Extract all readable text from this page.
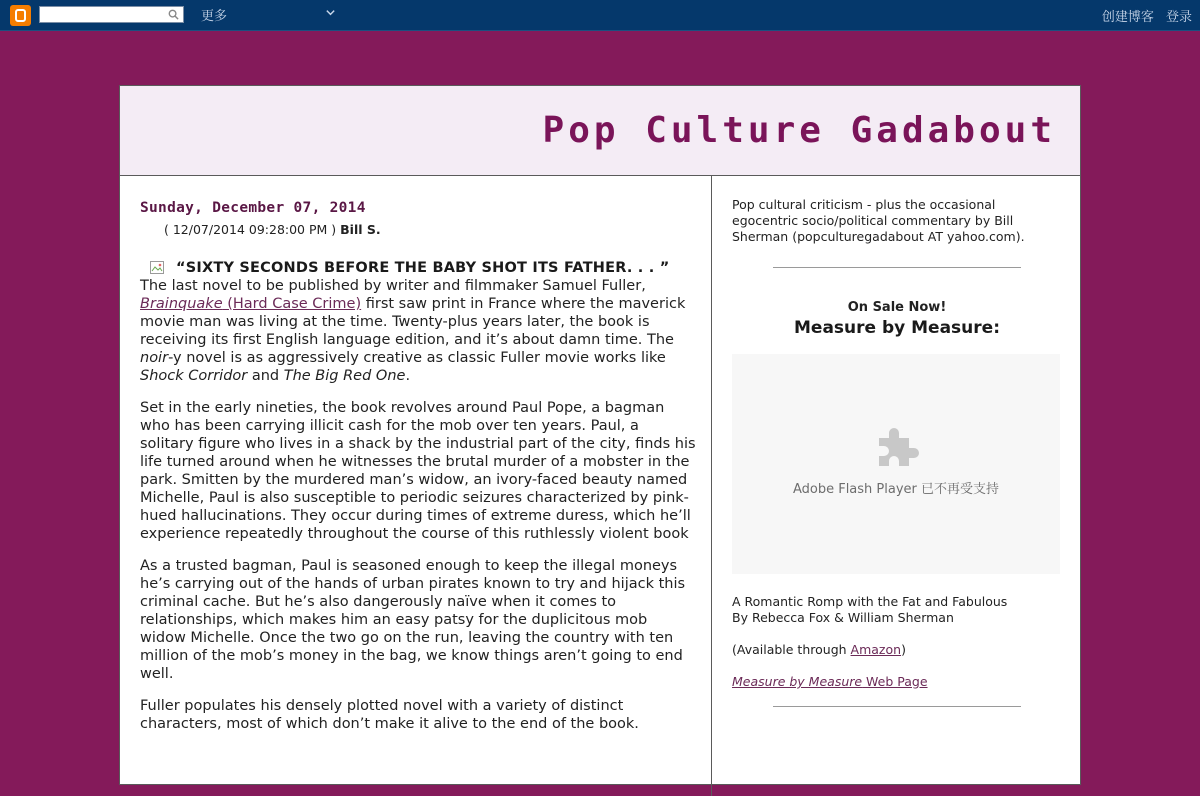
更多	创建博客 登录
Pop Culture Gadabout
Sunday, December 07, 2014
( 12/07/2014 09:28:00 PM ) Bill S.
“SIXTY SECONDS BEFORE THE BABY SHOT ITS FATHER. . . ”

The last novel to be published by writer and filmmaker Samuel Fuller, Brainquake (Hard Case Crime) first saw print in France where the maverick movie man was living at the time. Twenty-plus years later, the book is receiving its first English language edition, and it’s about damn time. The noir-y novel is as aggressively creative as classic Fuller movie works like Shock Corridor and The Big Red One.

Set in the early nineties, the book revolves around Paul Pope, a bagman who has been carrying illicit cash for the mob over ten years. Paul, a solitary figure who lives in a shack by the industrial part of the city, finds his life turned around when he witnesses the brutal murder of a mobster in the park. Smitten by the murdered man’s widow, an ivory-faced beauty named Michelle, Paul is also susceptible to periodic seizures characterized by pink-hued hallucinations. They occur during times of extreme duress, which he’ll experience repeatedly throughout the course of this ruthlessly violent book

As a trusted bagman, Paul is seasoned enough to keep the illegal moneys he’s carrying out of the hands of urban pirates known to try and hijack this criminal cache. But he’s also dangerously naïve when it comes to relationships, which makes him an easy patsy for the duplicitous mob widow Michelle. Once the two go on the run, leaving the country with ten million of the mob’s money in the bag, we know things aren’t going to end well.

Fuller populates his densely plotted novel with a variety of distinct characters, most of which don’t make it alive to the end of the book.

Pop cultural criticism - plus the occasional egocentric socio/political commentary by Bill Sherman (popculturegadabout AT yahoo.com).
On Sale Now!
Measure by Measure:
Adobe Flash Player 已不再受支持

A Romantic Romp with the Fat and Fabulous
By Rebecca Fox & William Sherman

(Available through Amazon)

Measure by Measure Web Page
